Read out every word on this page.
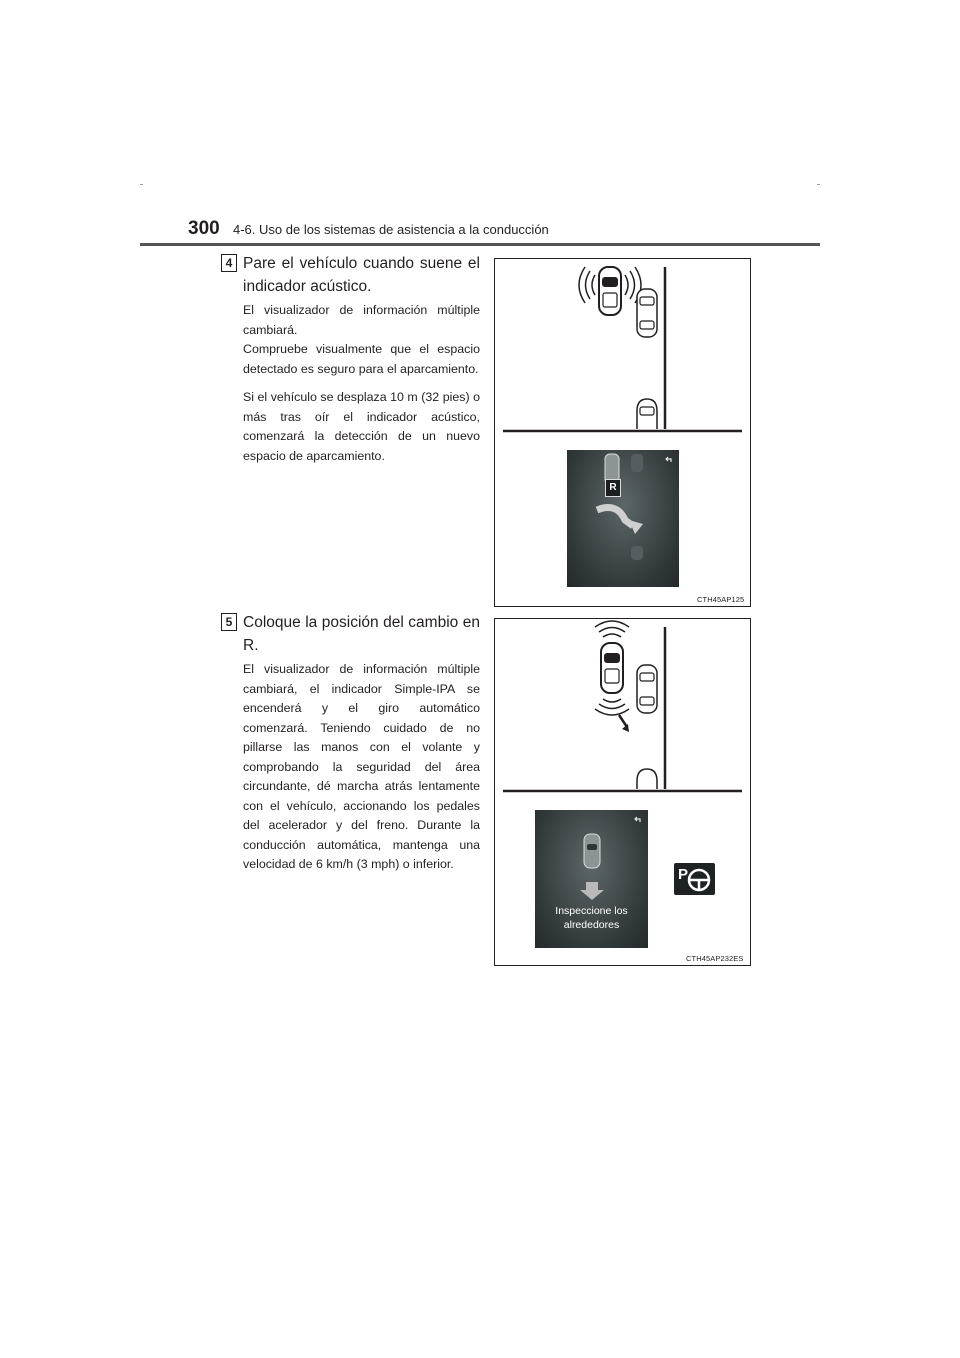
300 4-6. Uso de los sistemas de asistencia a la conducción
4 Pare el vehículo cuando suene el indicador acústico.

El visualizador de información múltiple cambiará.

Compruebe visualmente que el espacio detectado es seguro para el aparcamiento.

Si el vehículo se desplaza 10 m (32 pies) o más tras oír el indicador acústico, comenzará la detección de un nuevo espacio de aparcamiento.

R
CTH45AP125
5 Coloque la posición del cambio en R.

El visualizador de información múltiple cambiará, el indicador Simple-IPA se encenderá y el giro automático comenzará. Teniendo cuidado de no pillarse las manos con el volante y comprobando la seguridad del área circundante, dé marcha atrás lentamente con el vehículo, accionando los pedales del acelerador y del freno. Durante la conducción automática, mantenga una velocidad de 6 km/h (3 mph) o inferior.

Inspeccione los
alrededores
P
CTH45AP232ES
